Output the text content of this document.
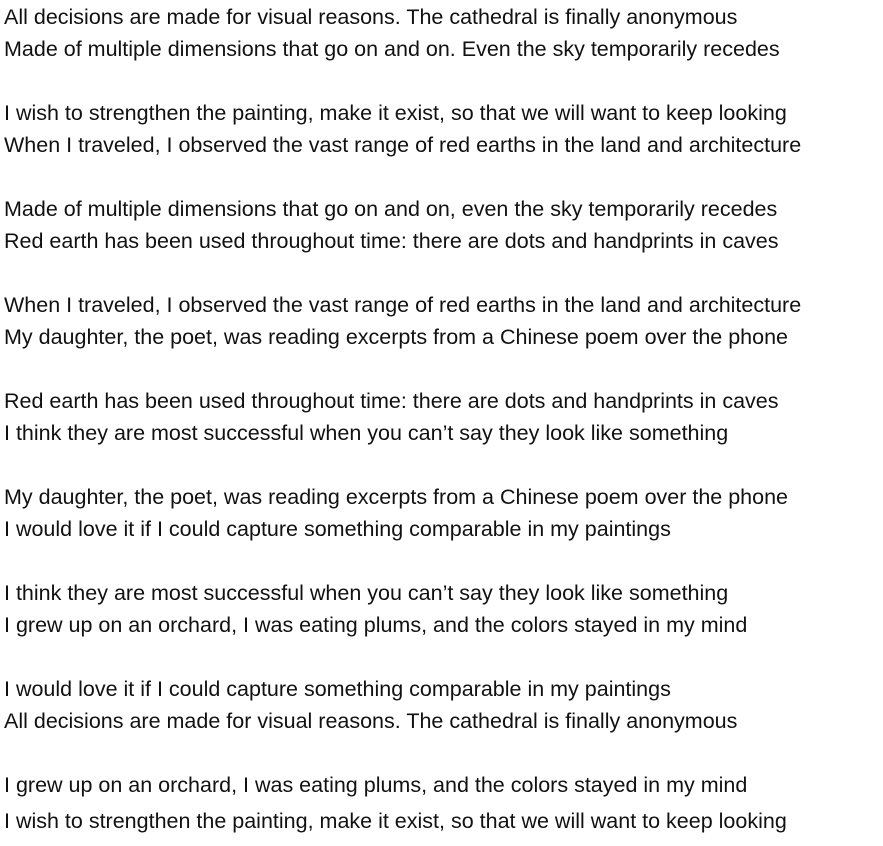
All decisions are made for visual reasons. The cathedral is finally anonymous
Made of multiple dimensions that go on and on. Even the sky temporarily recedes
I wish to strengthen the painting, make it exist, so that we will want to keep looking
When I traveled, I observed the vast range of red earths in the land and architecture
Made of multiple dimensions that go on and on, even the sky temporarily recedes
Red earth has been used throughout time: there are dots and handprints in caves
When I traveled, I observed the vast range of red earths in the land and architecture
My daughter, the poet, was reading excerpts from a Chinese poem over the phone
Red earth has been used throughout time: there are dots and handprints in caves
I think they are most successful when you can’t say they look like something
My daughter, the poet, was reading excerpts from a Chinese poem over the phone
I would love it if I could capture something comparable in my paintings
I think they are most successful when you can’t say they look like something
I grew up on an orchard, I was eating plums, and the colors stayed in my mind
I would love it if I could capture something comparable in my paintings
All decisions are made for visual reasons. The cathedral is finally anonymous
I grew up on an orchard, I was eating plums, and the colors stayed in my mind
I wish to strengthen the painting, make it exist, so that we will want to keep looking
